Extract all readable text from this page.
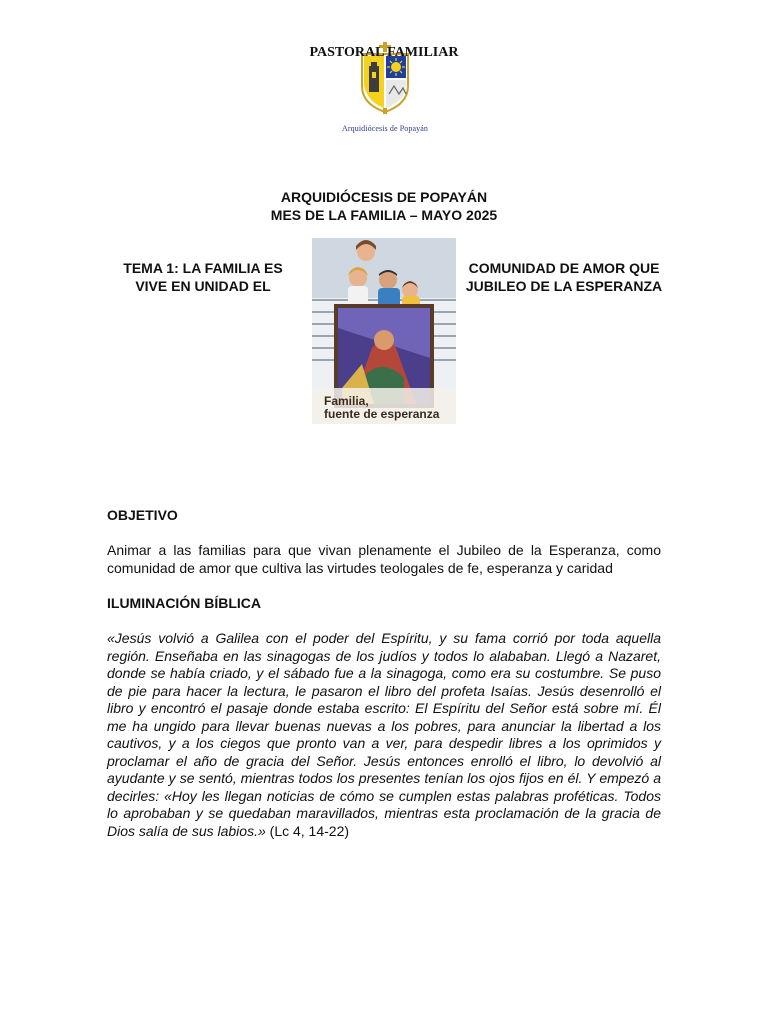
PASTORAL FAMILIAR
Arquidiócesis de Popayán
ARQUIDIÓCESIS DE POPAYÁN
MES DE LA FAMILIA – MAYO 2025
TEMA 1: LA FAMILIA ES
VIVE EN UNIDAD EL
Familia,
fuente de esperanza
COMUNIDAD DE AMOR QUE
JUBILEO DE LA ESPERANZA
OBJETIVO
Animar a las familias para que vivan plenamente el Jubileo de la Esperanza, como comunidad de amor que cultiva las virtudes teologales de fe, esperanza y caridad
ILUMINACIÓN BÍBLICA
«Jesús volvió a Galilea con el poder del Espíritu, y su fama corrió por toda aquella región. Enseñaba en las sinagogas de los judíos y todos lo alababan. Llegó a Nazaret, donde se había criado, y el sábado fue a la sinagoga, como era su costumbre. Se puso de pie para hacer la lectura, le pasaron el libro del profeta Isaías. Jesús desenrolló el libro y encontró el pasaje donde estaba escrito: El Espíritu del Señor está sobre mí. Él me ha ungido para llevar buenas nuevas a los pobres, para anunciar la libertad a los cautivos, y a los ciegos que pronto van a ver, para despedir libres a los oprimidos y proclamar el año de gracia del Señor. Jesús entonces enrolló el libro, lo devolvió al ayudante y se sentó, mientras todos los presentes tenían los ojos fijos en él. Y empezó a decirles: «Hoy les llegan noticias de cómo se cumplen estas palabras proféticas. Todos lo aprobaban y se quedaban maravillados, mientras esta proclamación de la gracia de Dios salía de sus labios.» (Lc 4, 14-22)
